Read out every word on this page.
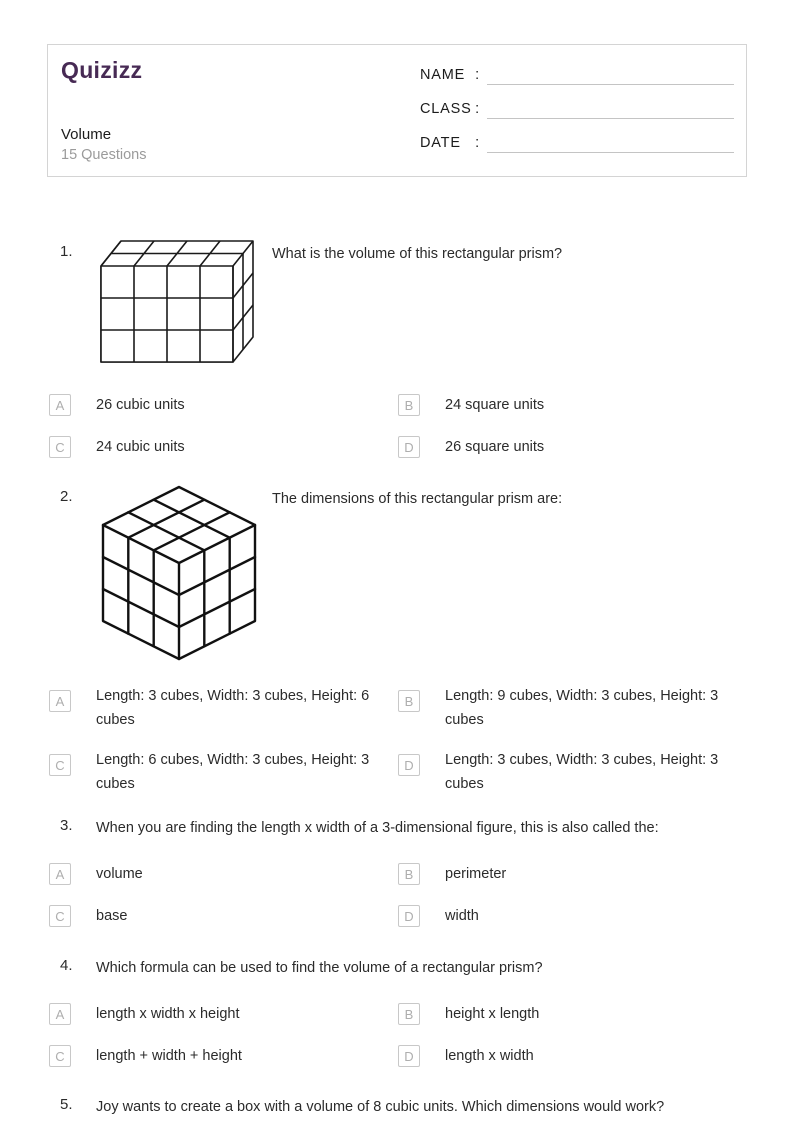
Quizizz
Volume
15 Questions
NAME :
CLASS :
DATE :
1.	What is the volume of this rectangular prism?
A	26 cubic units	B	24 square units
C	24 cubic units	D	26 square units
2.	The dimensions of this rectangular prism are:
A	Length: 3 cubes, Width: 3 cubes, Height: 6 cubes
B	Length: 9 cubes, Width: 3 cubes, Height: 3 cubes
C	Length: 6 cubes, Width: 3 cubes, Height: 3 cubes
D	Length: 3 cubes, Width: 3 cubes, Height: 3 cubes
3. When you are finding the length x width of a 3-dimensional figure, this is also called the:
A	volume	B	perimeter
C	base	D	width
4. Which formula can be used to find the volume of a rectangular prism?
A	length x width x height	B	height x length
C	length + width + height	D	length x width
5. Joy wants to create a box with a volume of 8 cubic units. Which dimensions would work?
